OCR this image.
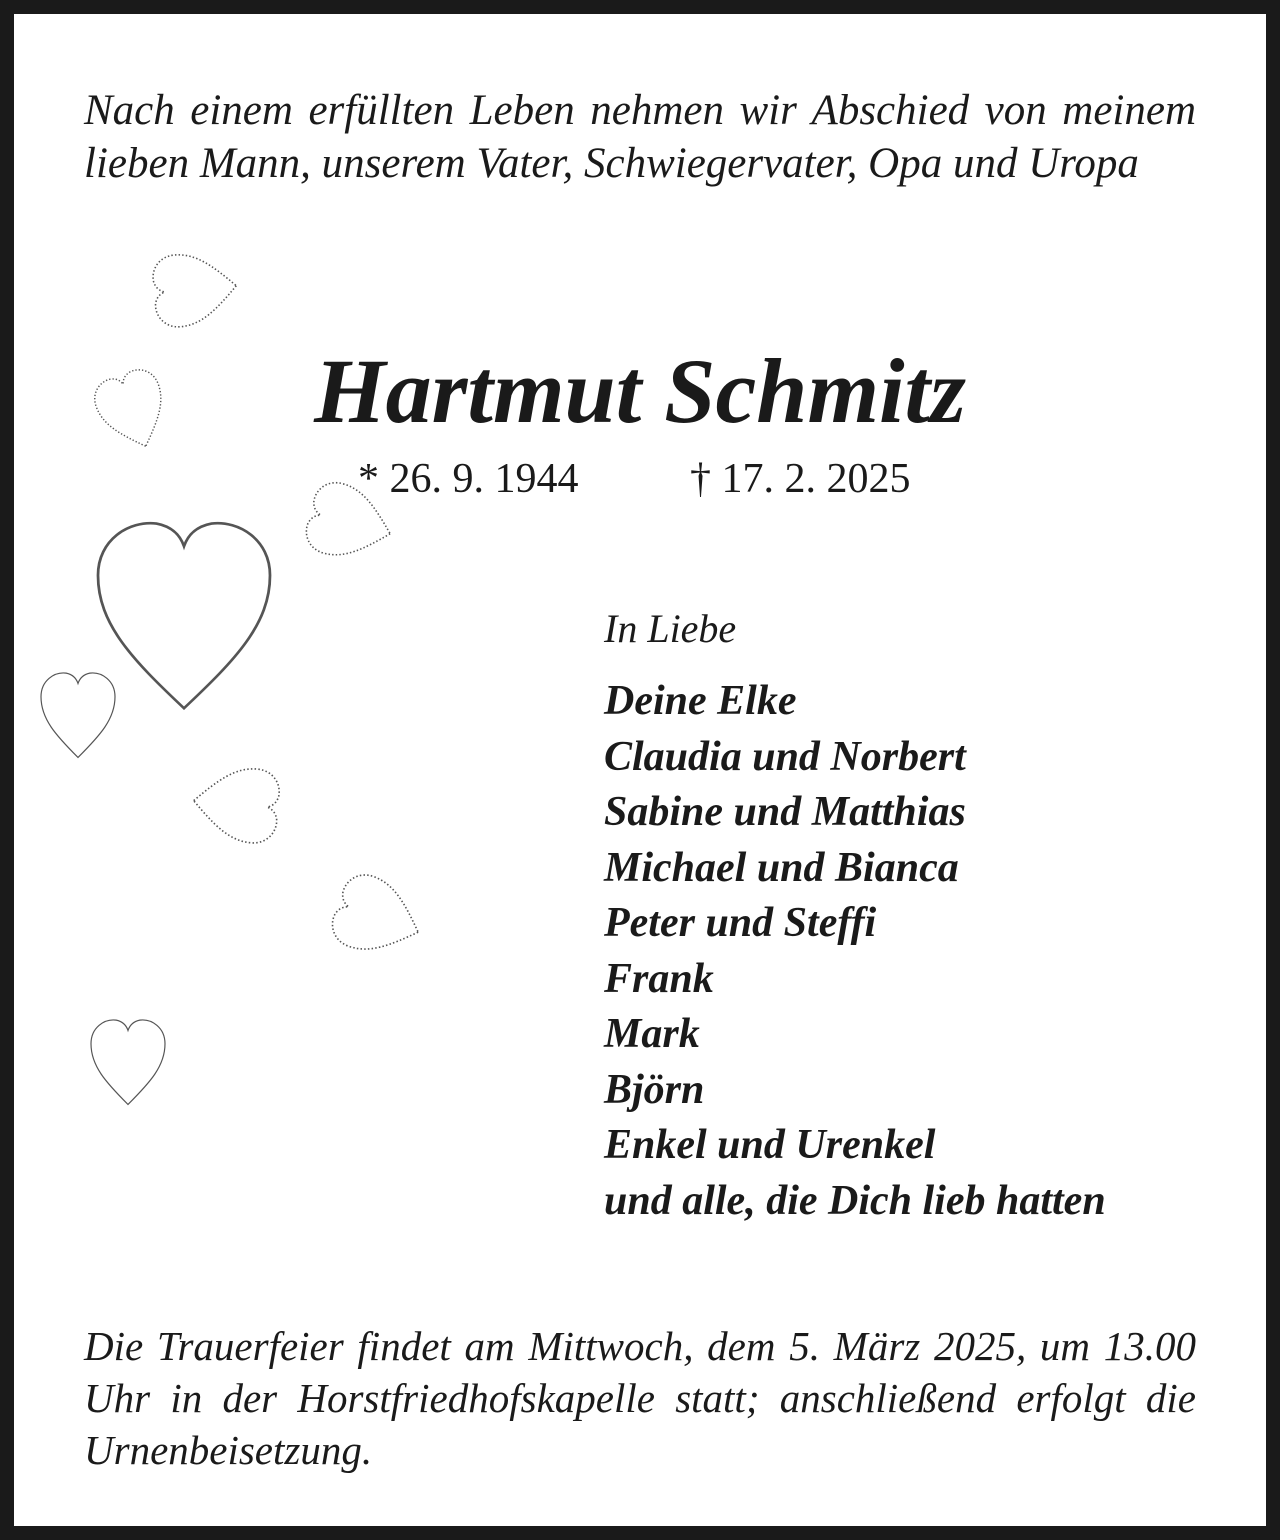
Nach einem erfüllten Leben nehmen wir Abschied von meinem lieben Mann, unserem Vater, Schwiegervater, Opa und Uropa

Hartmut Schmitz
* 26. 9. 1944	† 17. 2. 2025
In Liebe
Deine Elke
Claudia und Norbert
Sabine und Matthias
Michael und Bianca
Peter und Steffi
Frank
Mark
Björn
Enkel und Urenkel
und alle, die Dich lieb hatten

Die Trauerfeier findet am Mittwoch, dem 5. März 2025, um 13.00 Uhr in der Horstfriedhofskapelle statt; anschließend erfolgt die Urnenbeisetzung.
